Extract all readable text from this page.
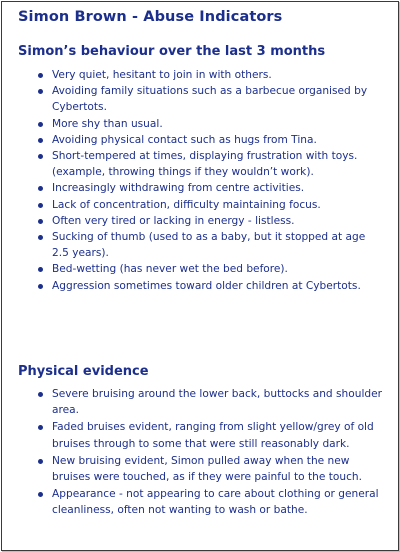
Simon Brown - Abuse Indicators
Simon’s behaviour over the last 3 months
Very quiet, hesitant to join in with others.
Avoiding family situations such as a barbecue organised by Cybertots.
More shy than usual.
Avoiding physical contact such as hugs from Tina.
Short-tempered at times, displaying frustration with toys. (example, throwing things if they wouldn’t work).
Increasingly withdrawing from centre activities.
Lack of concentration, difficulty maintaining focus.
Often very tired or lacking in energy - listless.
Sucking of thumb (used to as a baby, but it stopped at age 2.5 years).
Bed-wetting (has never wet the bed before).
Aggression sometimes toward older children at Cybertots.
Physical evidence
Severe bruising around the lower back, buttocks and shoulder area.
Faded bruises evident, ranging from slight yellow/grey of old bruises through to some that were still reasonably dark.
New bruising evident, Simon pulled away when the new bruises were touched, as if they were painful to the touch.
Appearance - not appearing to care about clothing or general cleanliness, often not wanting to wash or bathe.
